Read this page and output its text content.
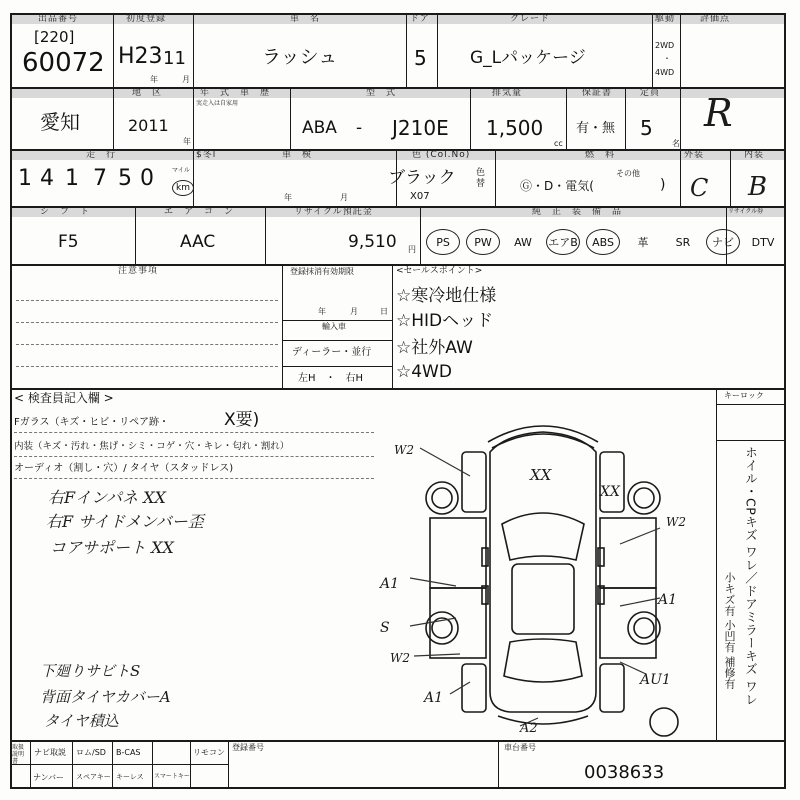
出品番号
[220]
60072
初度登録
H23 11
年	月
車　名
ラッシュ
ドア
5
グレード
G_Lパッケージ
駆動
2WD
・
4WD
評価点
R
地　区
愛知
年　式
2011
年
車　歴
実走入は自家用
型　式
ABA - J210E
排気量
1,500
cc
保証書
有・無
定員
5
名
走　行	$冬l
1 4 1 7 5 0	マイル
km
車　検
年	月
色 (Col.No)
ブラック
X07
色替
燃　料
Ⓖ・D・電気(
その他
)
外装
C
内装
B
シ　フ　ト
F5
エ　ア　コ　ン
AAC
リサイクル預託金
9,510 円
純　正　装　備　品	リサイクル券
PS	PW	AW	エアB	ABS	革	SR	ナビ	DTV
注意事項	登録抹消有効期限
年	月	日
輸入車
ディーラー・並行
左H　・　右H
<セールスポイント>
☆寒冷地仕様
☆HIDヘッド
☆社外AW
☆4WD
< 検査員記入欄 >
Fガラス（キズ・ヒビ・リペア跡・	X要)
内装（キズ・汚れ・焦げ・シミ・コゲ・穴・キレ・匂れ・割れ）
オーディオ（割し・穴）/ タイヤ（スタッドレス)
右Fインパネ XX
右F サイドメンバー歪
コアサポート XX
下廻りサビトS
背面タイヤカバーA
タイヤ積込
W2
XX
XX
W2
A1
A1
S
W2
A1
AU1
A2
キーロック
ホイル・CPキズ ワレ／ドアミラーキズ ワレ
小キズ有 小凹有 補修有
取扱説明書
ナビ取説 ロム/SD B-CAS	リモコン
ナンバー スペアキー キーレス スマートキー
登録番号	車台番号
0038633
